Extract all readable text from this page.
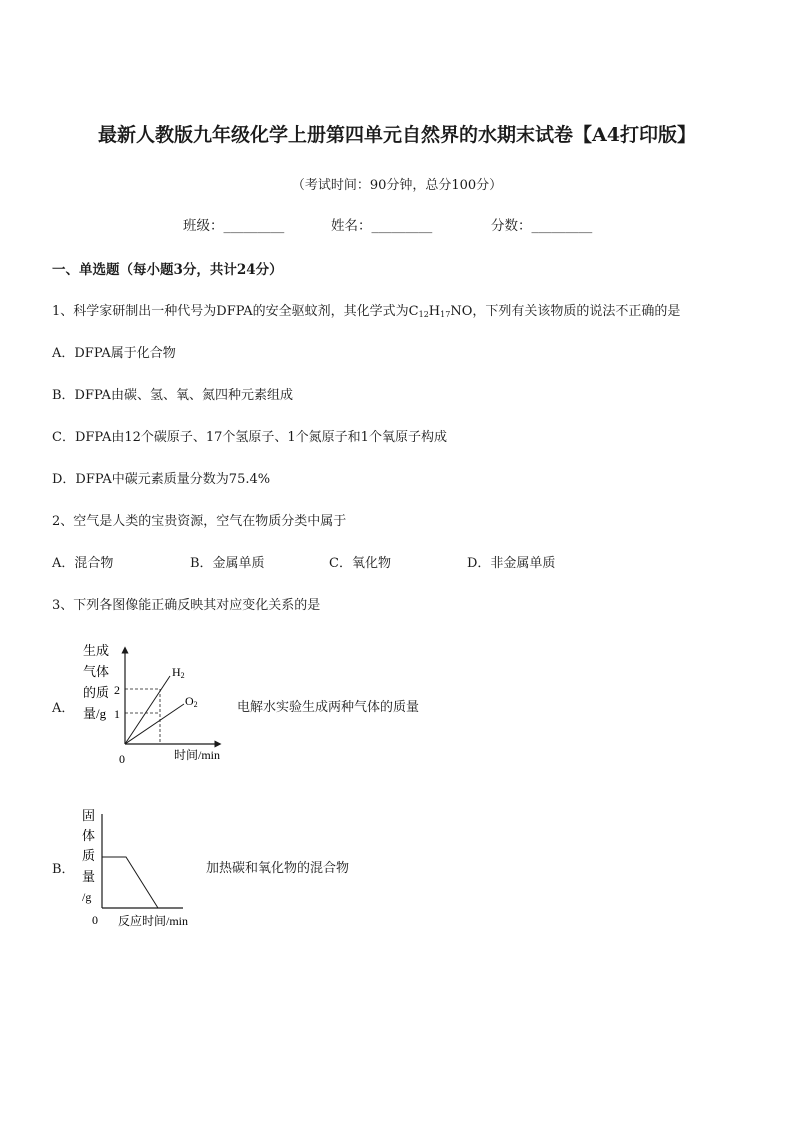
最新人教版九年级化学上册第四单元自然界的水期末试卷【A4打印版】
（考试时间：90分钟，总分100分）
班级：_________	姓名：_________	分数：_________
一、单选题（每小题3分，共计24分）
1、科学家研制出一种代号为DFPA的安全驱蚊剂，其化学式为$C_{12}H_{17}NO$，下列有关该物质的说法不正确的是
A．DFPA属于化合物
B．DFPA由碳、氢、氧、氮四种元素组成
C．DFPA由12个碳原子、17个氢原子、1个氮原子和1个氧原子构成
D．DFPA中碳元素质量分数为75.4%
2、空气是人类的宝贵资源，空气在物质分类中属于
A．混合物	B．金属单质	C．氧化物	D．非金属单质
3、下列各图像能正确反映其对应变化关系的是
A．
生成
气体
的质
量/g
2
1
0	时间/min
H2
O2	电解水实验生成两种气体的质量
B．
固
体
质
量
/g
0 反应时间/min
加热碳和氧化物的混合物
